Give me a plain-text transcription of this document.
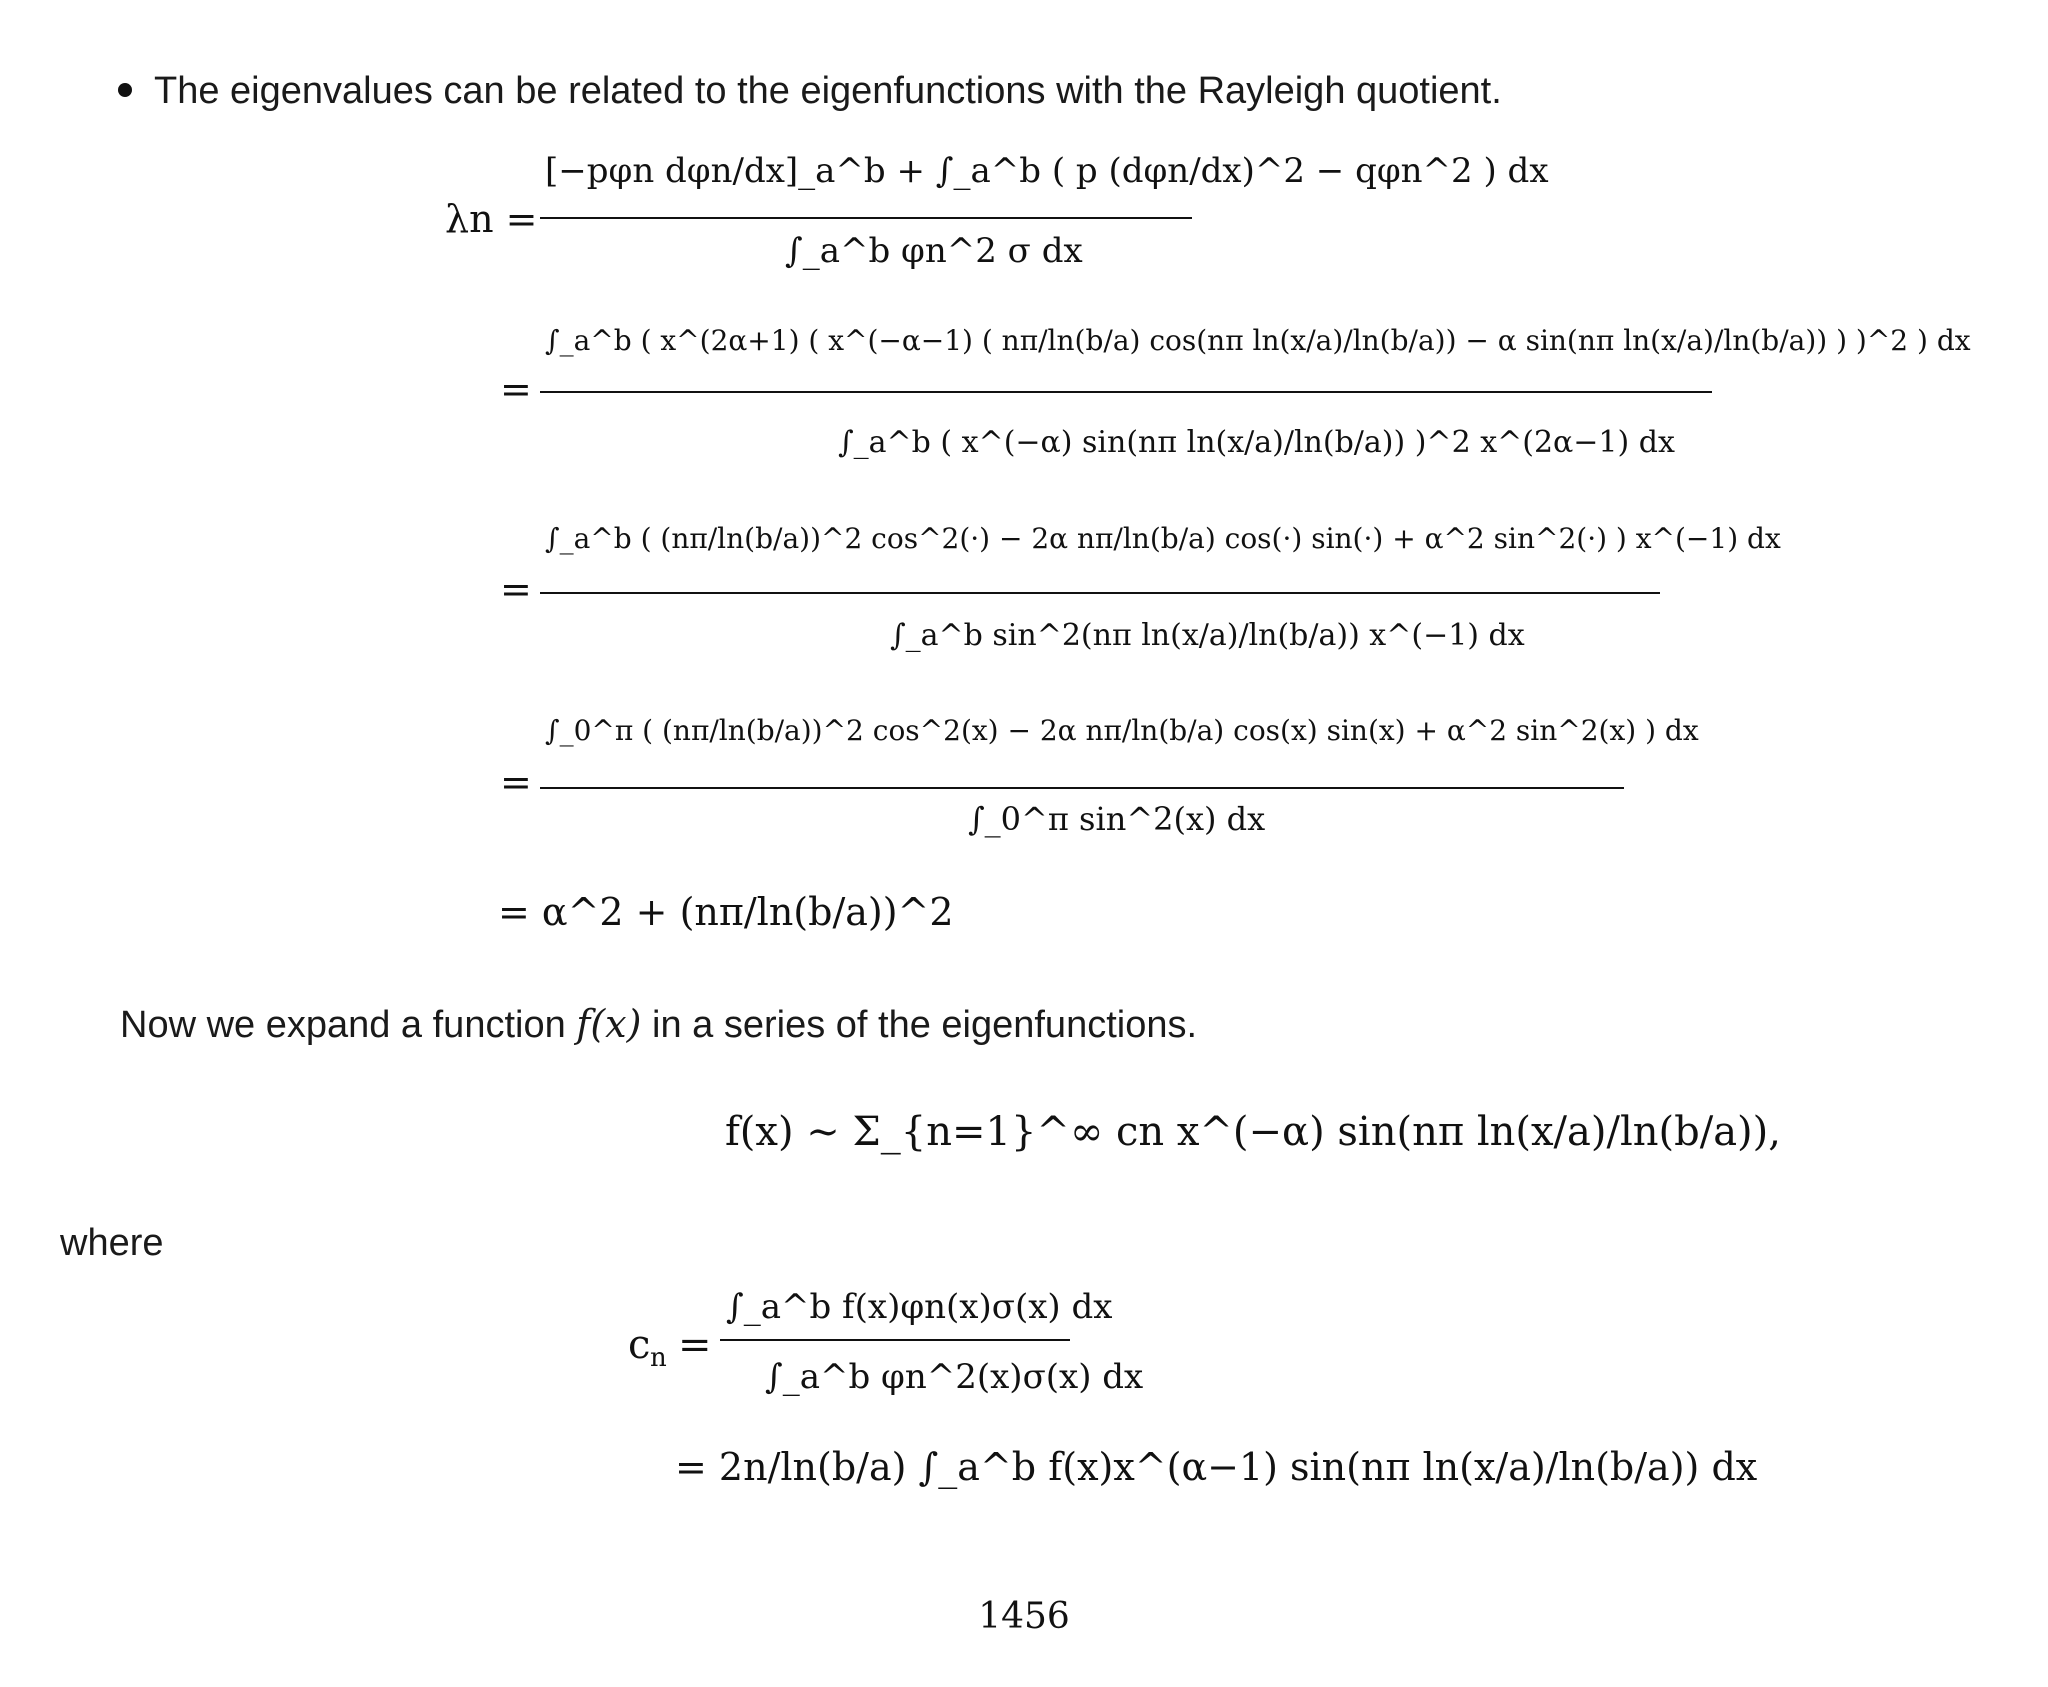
The eigenvalues can be related to the eigenfunctions with the Rayleigh quotient.
λn =
[−pφn dφn/dx]_a^b + ∫_a^b ( p (dφn/dx)^2 − qφn^2 ) dx
∫_a^b φn^2 σ dx
=
∫_a^b ( x^(2α+1) ( x^(−α−1) ( nπ/ln(b/a) cos(nπ ln(x/a)/ln(b/a)) − α sin(nπ ln(x/a)/ln(b/a)) ) )^2 ) dx
∫_a^b ( x^(−α) sin(nπ ln(x/a)/ln(b/a)) )^2 x^(2α−1) dx
=
∫_a^b ( (nπ/ln(b/a))^2 cos^2(·) − 2α nπ/ln(b/a) cos(·) sin(·) + α^2 sin^2(·) ) x^(−1) dx
∫_a^b sin^2(nπ ln(x/a)/ln(b/a)) x^(−1) dx
=
∫_0^π ( (nπ/ln(b/a))^2 cos^2(x) − 2α nπ/ln(b/a) cos(x) sin(x) + α^2 sin^2(x) ) dx
∫_0^π sin^2(x) dx
= α^2 + (nπ/ln(b/a))^2
Now we expand a function f(x) in a series of the eigenfunctions.
f(x) ∼ Σ_{n=1}^∞ cn x^(−α) sin(nπ ln(x/a)/ln(b/a)),
where
c n =
∫_a^b f(x)φn(x)σ(x) dx
∫_a^b φn^2(x)σ(x) dx
= 2n/ln(b/a) ∫_a^b f(x)x^(α−1) sin(nπ ln(x/a)/ln(b/a)) dx
1456
